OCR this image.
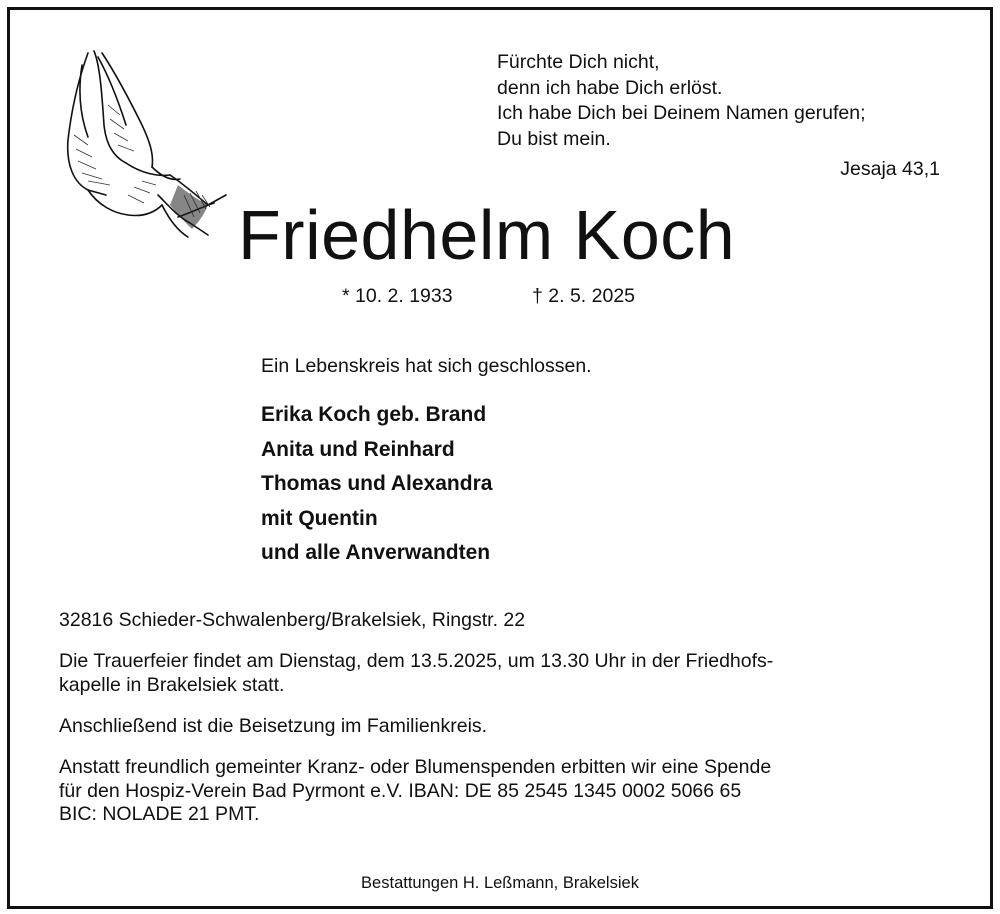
Fürchte Dich nicht,
denn ich habe Dich erlöst.
Ich habe Dich bei Deinem Namen gerufen;
Du bist mein.
Jesaja 43,1
Friedhelm Koch
* 10. 2. 1933	† 2. 5. 2025
Ein Lebenskreis hat sich geschlossen.
Erika Koch geb. Brand
Anita und Reinhard
Thomas und Alexandra
mit Quentin
und alle Anverwandten
32816 Schieder-Schwalenberg/Brakelsiek, Ringstr. 22
Die Trauerfeier findet am Dienstag, dem 13.5.2025, um 13.30 Uhr in der Friedhofs-
kapelle in Brakelsiek statt.
Anschließend ist die Beisetzung im Familienkreis.
Anstatt freundlich gemeinter Kranz- oder Blumenspenden erbitten wir eine Spende
für den Hospiz-Verein Bad Pyrmont e.V. IBAN: DE 85 2545 1345 0002 5066 65
BIC: NOLADE 21 PMT.
Bestattungen H. Leßmann, Brakelsiek
